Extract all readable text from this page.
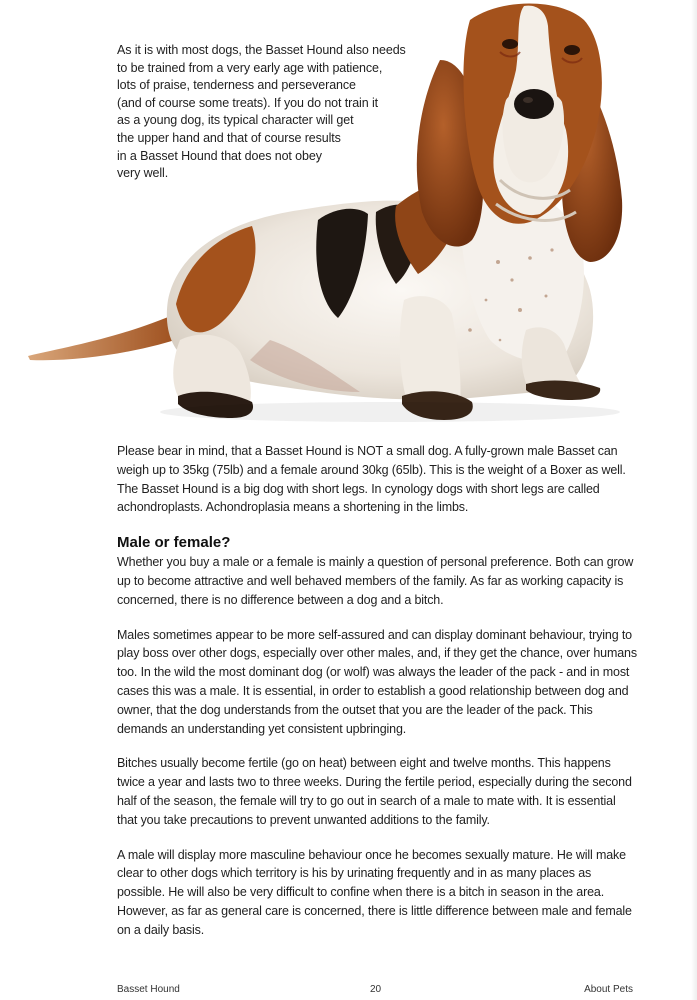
As it is with most dogs, the Basset Hound also needs
to be trained from a very early age with patience,
lots of praise, tenderness and perseverance
(and of course some treats). If you do not train it
as a young dog, its typical character will get
the upper hand and that of course results
in a Basset Hound that does not obey
very well.

Please bear in mind, that a Basset Hound is NOT a small dog. A fully-grown male Basset can weigh up to 35kg (75lb) and a female around 30kg (65lb). This is the weight of a Boxer as well. The Basset Hound is a big dog with short legs. In cynology dogs with short legs are called achondroplasts. Achondroplasia means a shortening in the limbs.

Male or female?

Whether you buy a male or a female is mainly a question of personal preference. Both can grow up to become attractive and well behaved members of the family. As far as working capacity is concerned, there is no difference between a dog and a bitch.

Males sometimes appear to be more self-assured and can display dominant behaviour, trying to play boss over other dogs, especially over other males, and, if they get the chance, over humans too. In the wild the most dominant dog (or wolf) was always the leader of the pack - and in most cases this was a male. It is essential, in order to establish a good relationship between dog and owner, that the dog understands from the outset that you are the leader of the pack. This demands an understanding yet consistent upbringing.

Bitches usually become fertile (go on heat) between eight and twelve months. This happens twice a year and lasts two to three weeks. During the fertile period, especially during the second half of the season, the female will try to go out in search of a male to mate with. It is essential that you take precautions to prevent unwanted additions to the family.

A male will display more masculine behaviour once he becomes sexually mature. He will make clear to other dogs which territory is his by urinating frequently and in as many places as possible. He will also be very difficult to confine when there is a bitch in season in the area. However, as far as general care is concerned, there is little difference between male and female on a daily basis.

Basset Hound	20	About Pets
